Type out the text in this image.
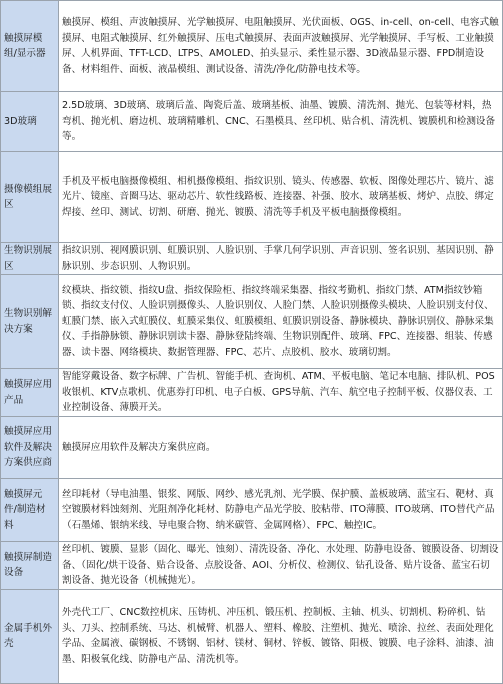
触摸屏模组/显示器	触摸屏、模组、声波触摸屏、光学触摸屏、电阻触摸屏、光伏面板、OGS、in-cell、on-cell、电容式触摸屏、电阻式触摸屏、红外触摸屏、压电式触摸屏、表面声波触摸屏、光学触摸屏、手写板、工业触摸屏、人机界面、TFT-LCD、LTPS、AMOLED、拍头显示、柔性显示器、3D液晶显示器、FPD制造设备、材料组件、面板、液晶模组、测试设备、清洗/净化/防静电技术等。
3D玻璃	2.5D玻璃、3D玻璃、玻璃后盖、陶瓷后盖、玻璃基板、油墨、镀膜、清洗剂、抛光、包装等材料，热弯机、抛光机、磨边机、玻璃精雕机、CNC、石墨模具、丝印机、贴合机、清洗机、镀膜机和检测设备等。
摄像模组展区	手机及平板电脑摄像模组、相机摄像模组、指纹识别、镜头、传感器、软板、图像处理芯片、镜片、滤光片、镜座、音圈马达、驱动芯片、软性线路板、连接器、补强、胶水、玻璃基板、烤炉、点胶、绑定焊接、丝印、测试、切割、研磨、抛光、镀膜、清洗等手机及平板电脑摄像模组。
生物识别展区	指纹识别、视网膜识别、虹膜识别、人脸识别、手掌几何学识别、声音识别、签名识别、基因识别、静脉识别、步态识别、人物识别。
生物识别解决方案	纹模块、指纹锁、指纹U盘、指纹保险柜、指纹终端采集器、指纹考勤机、指纹门禁、ATM指纹钞箱锁、指纹支付仪、人脸识别摄像头、人脸识别仪、人脸门禁、人脸识别摄像头模块、人脸识别支付仪、虹膜门禁、嵌入式虹膜仪、虹膜采集仪、虹膜模组、虹膜识别设备、静脉模块、静脉识别仪、静脉采集仪、手指静脉锁、静脉识别读卡器、静脉登陆终端、生物识别配件、玻璃、FPC、连接器、组装、传感器、读卡器、网络模块、数据管理器、FPC、芯片、点胶机、胶水、玻璃切割。
触摸屏应用产品	智能穿戴设备、数字标牌、广告机、智能手机、查询机、ATM、平板电脑、笔记本电脑、排队机、POS收银机、KTV点歌机、优惠券打印机、电子白板、GPS导航、汽车、航空电子控制平板、仪器仪表、工业控制设备、薄膜开关。
触摸屏应用软件及解决方案供应商	触摸屏应用软件及解决方案供应商。
触摸屏元件/制造材料	丝印耗材（导电油墨、银浆、网版、网纱、感光乳剂、光学膜、保护膜、盖板玻璃、蓝宝石、靶材、真空镀膜材料蚀刻剂、光阻剂净化耗材、防静电产品光学胶、胶粘带、ITO薄膜、ITO玻璃、ITO替代产品（石墨烯、银纳米线、导电聚合物、纳米碳管、金属网格）、FPC、触控IC。
触摸屏制造设备	丝印机、镀膜、显影（固化、曝光、蚀刻）、清洗设备、净化、水处理、防静电设备、镀膜设备、切割设备、（固化/烘干设备、贴合设备、点胶设备、AOI、分析仪、检测仪、钻孔设备、贴片设备、蓝宝石切割设备、抛光设备（机械抛光）。
金属手机外壳	外壳代工厂、CNC数控机床、压铸机、冲压机、锻压机、控制板、主轴、机头、切割机、粉碎机、钻头、刀头、控制系统、马达、机械臂、机器人、塑料、橡胶、注塑机、抛光、喷涂、拉丝、表面处理化学品、金属液、碳钢板、不锈钢、铝材、镁材、铜材、锌板、镀铬、阳极、镀膜、电子涂料、油漆、油墨、阳极氧化线、防静电产品、清洗机等。
